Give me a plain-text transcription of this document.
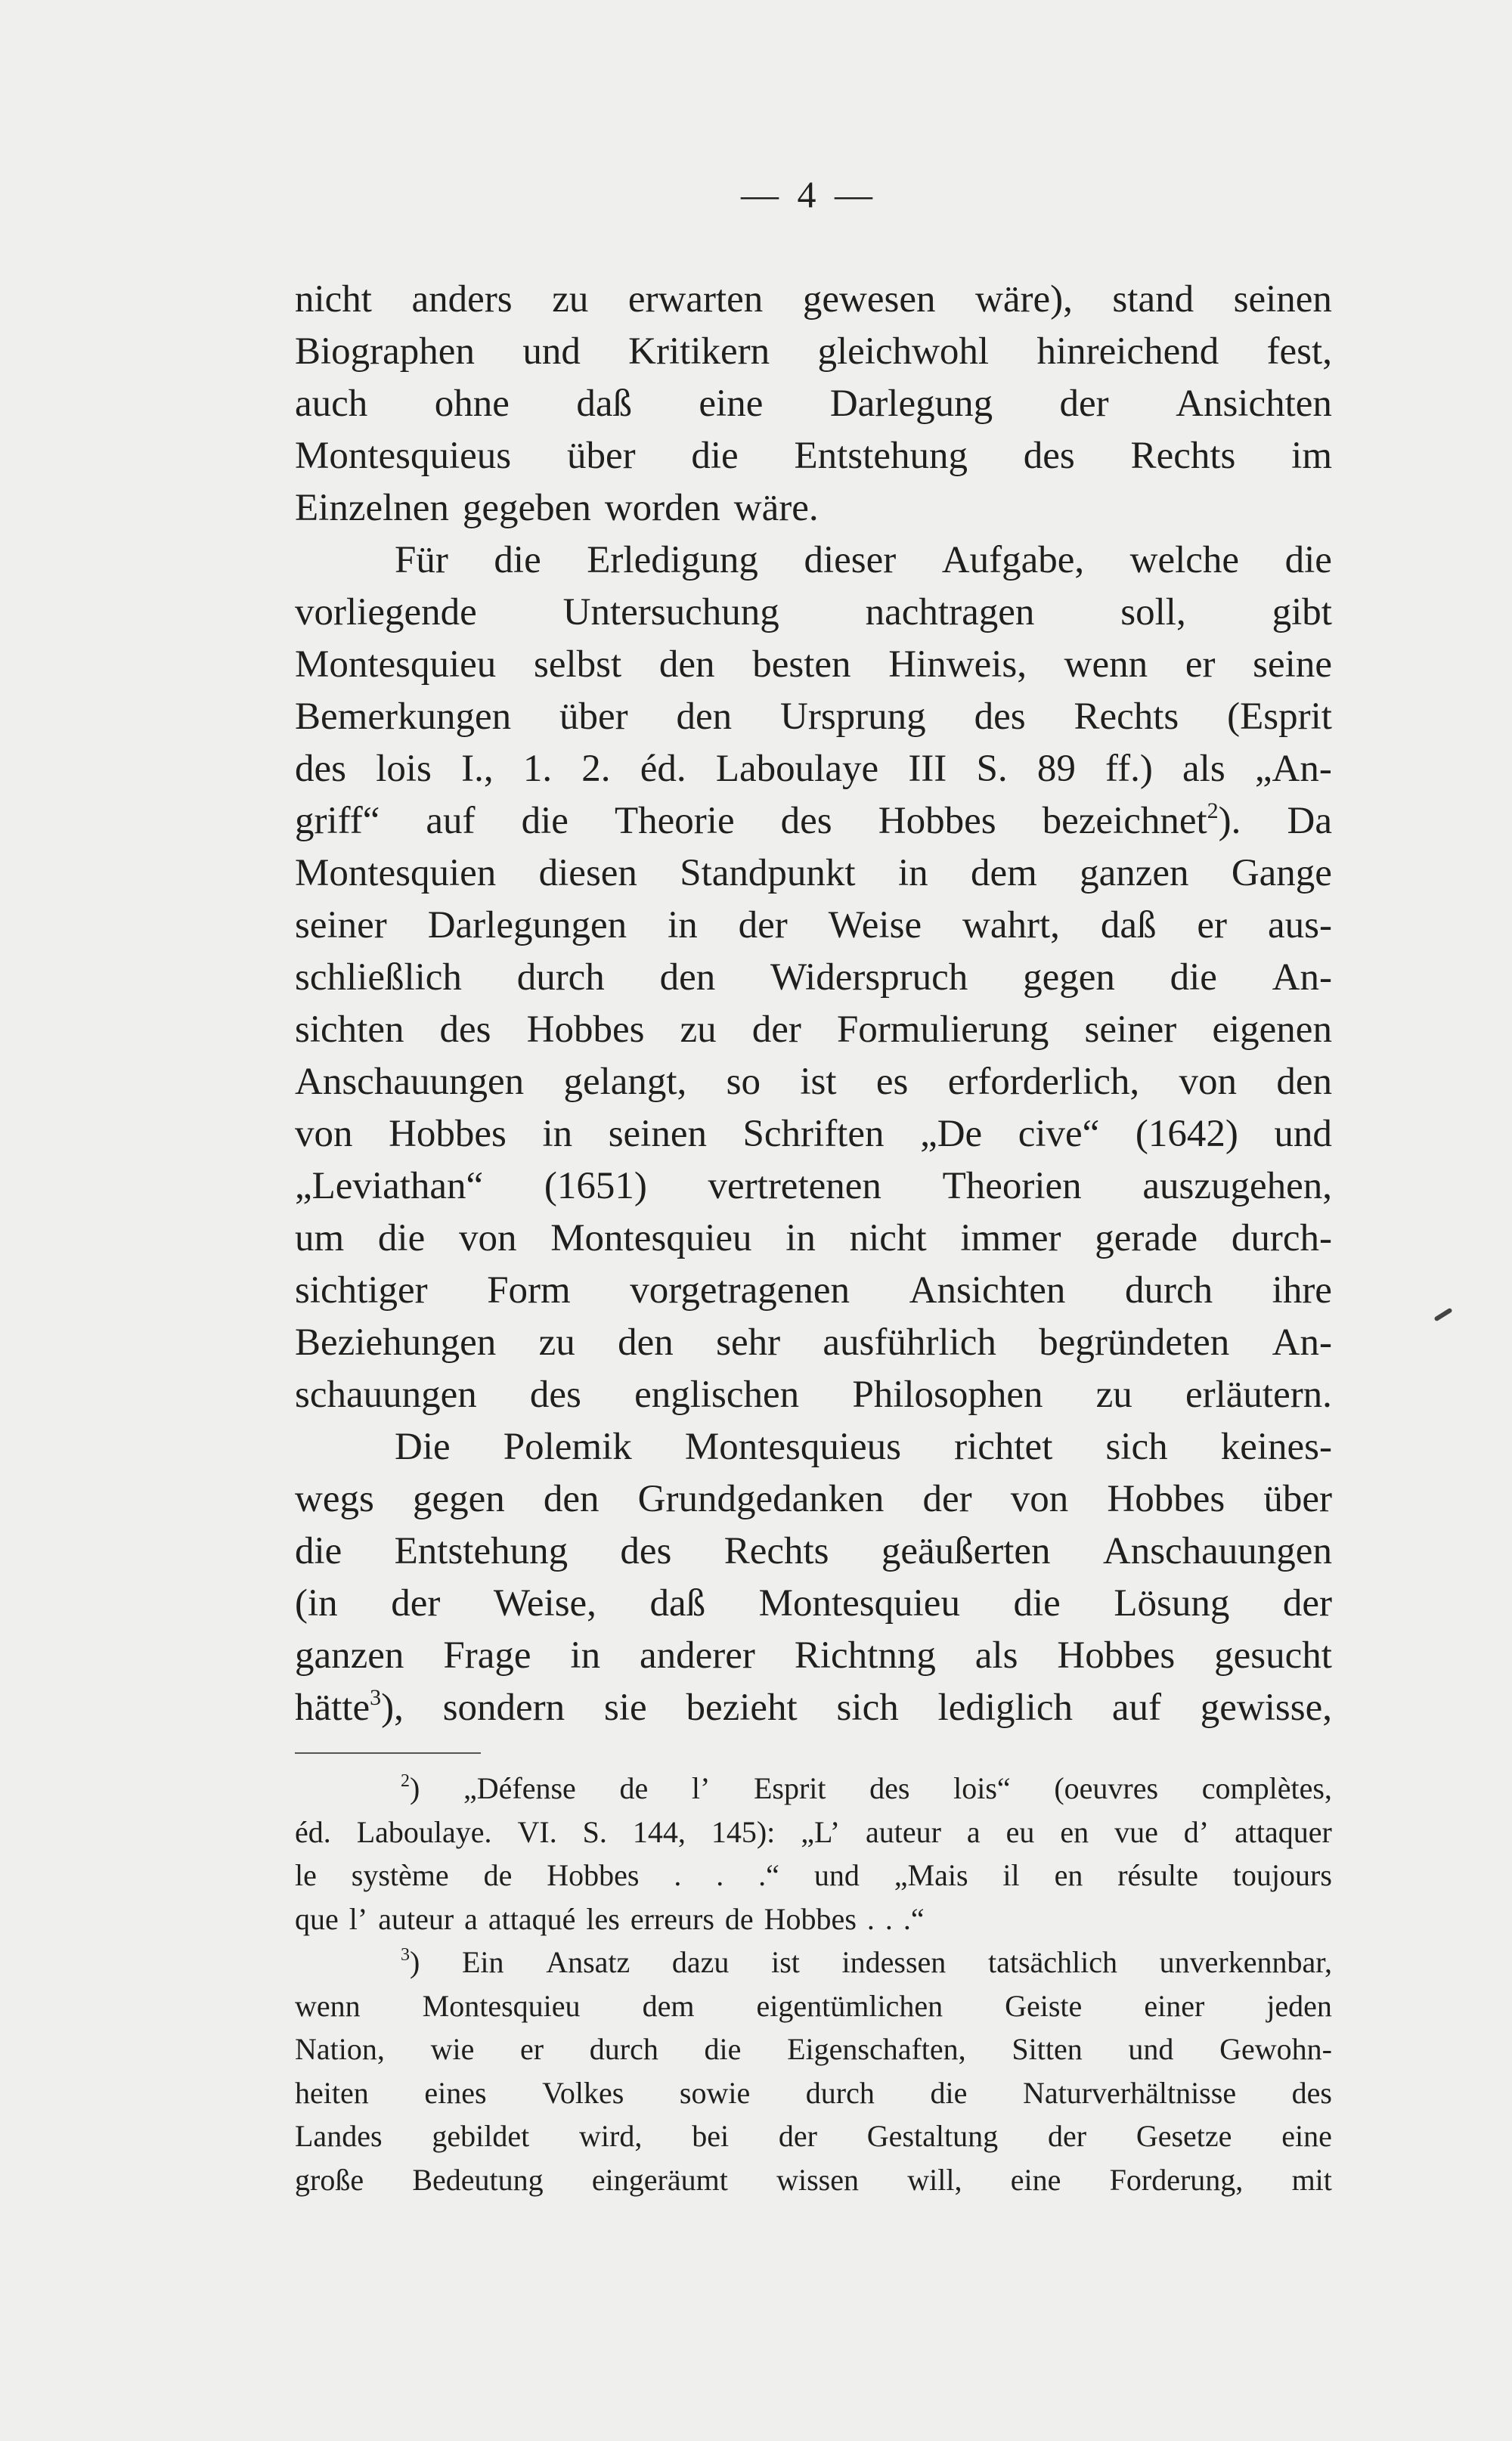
— 4 —
nicht anders zu erwarten gewesen wäre), stand seinen
Biographen und Kritikern gleichwohl hinreichend fest,
auch ohne daß eine Darlegung der Ansichten
Montesquieus über die Entstehung des Rechts im
Einzelnen gegeben worden wäre.
Für die Erledigung dieser Aufgabe, welche die
vorliegende Untersuchung nachtragen soll, gibt
Montesquieu selbst den besten Hinweis, wenn er seine
Bemerkungen über den Ursprung des Rechts (Esprit
des lois I., 1. 2. éd. Laboulaye III S. 89 ff.) als „An-
griff“ auf die Theorie des Hobbes bezeichnet$^2$). Da
Montesquien diesen Standpunkt in dem ganzen Gange
seiner Darlegungen in der Weise wahrt, daß er aus-
schließlich durch den Widerspruch gegen die An-
sichten des Hobbes zu der Formulierung seiner eigenen
Anschauungen gelangt, so ist es erforderlich, von den
von Hobbes in seinen Schriften „De cive“ (1642) und
„Leviathan“ (1651) vertretenen Theorien auszugehen,
um die von Montesquieu in nicht immer gerade durch-
sichtiger Form vorgetragenen Ansichten durch ihre
Beziehungen zu den sehr ausführlich begründeten An-
schauungen des englischen Philosophen zu erläutern.
Die Polemik Montesquieus richtet sich keines-
wegs gegen den Grundgedanken der von Hobbes über
die Entstehung des Rechts geäußerten Anschauungen
(in der Weise, daß Montesquieu die Lösung der
ganzen Frage in anderer Richtnng als Hobbes gesucht
hätte$^3$), sondern sie bezieht sich lediglich auf gewisse,
$^2$) „Défense de l’ Esprit des lois“ (oeuvres complètes,
éd. Laboulaye. VI. S. 144, 145): „L’ auteur a eu en vue d’ attaquer
le système de Hobbes . . .“ und „Mais il en résulte toujours
que l’ auteur a attaqué les erreurs de Hobbes . . .“
$^3$) Ein Ansatz dazu ist indessen tatsächlich unverkennbar,
wenn Montesquieu dem eigentümlichen Geiste einer jeden
Nation, wie er durch die Eigenschaften, Sitten und Gewohn-
heiten eines Volkes sowie durch die Naturverhältnisse des
Landes gebildet wird, bei der Gestaltung der Gesetze eine
große Bedeutung eingeräumt wissen will, eine Forderung, mit
